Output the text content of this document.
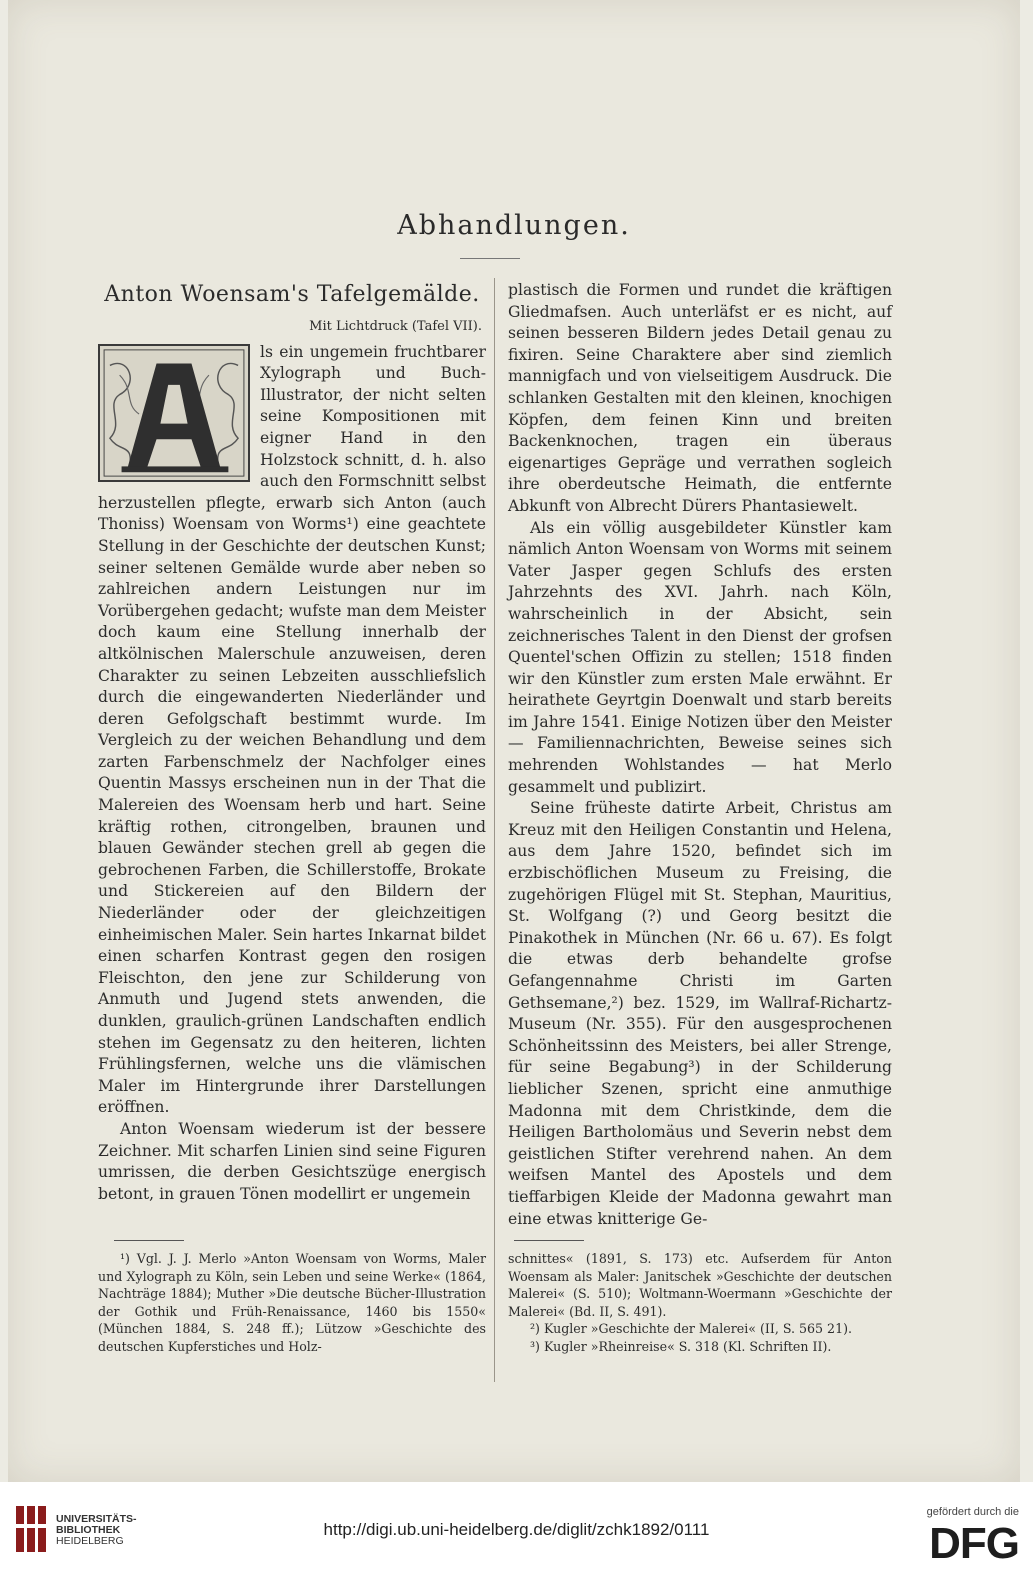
Abhandlungen.
Anton Woensam's Tafelgemälde.
Mit Lichtdruck (Tafel VII).

ls ein ungemein fruchtbarer Xylograph und Buch-Illustrator, der nicht selten seine Kompositionen mit eigner Hand in den Holzstock schnitt, d. h. also auch den Formschnitt selbst herzustellen pflegte, erwarb sich Anton (auch Thoniss) Woensam von Worms¹) eine geachtete Stellung in der Geschichte der deutschen Kunst; seiner seltenen Gemälde wurde aber neben so zahlreichen andern Leistungen nur im Vorübergehen gedacht; wufste man dem Meister doch kaum eine Stellung innerhalb der altkölnischen Malerschule anzuweisen, deren Charakter zu seinen Lebzeiten ausschliefslich durch die eingewanderten Niederländer und deren Gefolgschaft bestimmt wurde. Im Vergleich zu der weichen Behandlung und dem zarten Farbenschmelz der Nachfolger eines Quentin Massys erscheinen nun in der That die Malereien des Woensam herb und hart. Seine kräftig rothen, citrongelben, braunen und blauen Gewänder stechen grell ab gegen die gebrochenen Farben, die Schillerstoffe, Brokate und Stickereien auf den Bildern der Niederländer oder der gleichzeitigen einheimischen Maler. Sein hartes Inkarnat bildet einen scharfen Kontrast gegen den rosigen Fleischton, den jene zur Schilderung von Anmuth und Jugend stets anwenden, die dunklen, graulich-grünen Landschaften endlich stehen im Gegensatz zu den heiteren, lichten Frühlingsfernen, welche uns die vlämischen Maler im Hintergrunde ihrer Darstellungen eröffnen.

Anton Woensam wiederum ist der bessere Zeichner. Mit scharfen Linien sind seine Figuren umrissen, die derben Gesichtszüge energisch betont, in grauen Tönen modellirt er ungemein

plastisch die Formen und rundet die kräftigen Gliedmafsen. Auch unterläfst er es nicht, auf seinen besseren Bildern jedes Detail genau zu fixiren. Seine Charaktere aber sind ziemlich mannigfach und von vielseitigem Ausdruck. Die schlanken Gestalten mit den kleinen, knochigen Köpfen, dem feinen Kinn und breiten Backenknochen, tragen ein überaus eigenartiges Gepräge und verrathen sogleich ihre oberdeutsche Heimath, die entfernte Abkunft von Albrecht Dürers Phantasiewelt.

Als ein völlig ausgebildeter Künstler kam nämlich Anton Woensam von Worms mit seinem Vater Jasper gegen Schlufs des ersten Jahrzehnts des XVI. Jahrh. nach Köln, wahrscheinlich in der Absicht, sein zeichnerisches Talent in den Dienst der grofsen Quentel'schen Offizin zu stellen; 1518 finden wir den Künstler zum ersten Male erwähnt. Er heirathete Geyrtgin Doenwalt und starb bereits im Jahre 1541. Einige Notizen über den Meister — Familiennachrichten, Beweise seines sich mehrenden Wohlstandes — hat Merlo gesammelt und publizirt.

Seine früheste datirte Arbeit, Christus am Kreuz mit den Heiligen Constantin und Helena, aus dem Jahre 1520, befindet sich im erzbischöflichen Museum zu Freising, die zugehörigen Flügel mit St. Stephan, Mauritius, St. Wolfgang (?) und Georg besitzt die Pinakothek in München (Nr. 66 u. 67). Es folgt die etwas derb behandelte grofse Gefangennahme Christi im Garten Gethsemane,²) bez. 1529, im Wallraf-Richartz-Museum (Nr. 355). Für den ausgesprochenen Schönheitssinn des Meisters, bei aller Strenge, für seine Begabung³) in der Schilderung lieblicher Szenen, spricht eine anmuthige Madonna mit dem Christkinde, dem die Heiligen Bartholomäus und Severin nebst dem geistlichen Stifter verehrend nahen. An dem weifsen Mantel des Apostels und dem tieffarbigen Kleide der Madonna gewahrt man eine etwas knitterige Ge-

¹) Vgl. J. J. Merlo »Anton Woensam von Worms, Maler und Xylograph zu Köln, sein Leben und seine Werke« (1864, Nachträge 1884); Muther »Die deutsche Bücher-Illustration der Gothik und Früh-Renaissance, 1460 bis 1550« (München 1884, S. 248 ff.); Lützow »Geschichte des deutschen Kupferstiches und Holz-

schnittes« (1891, S. 173) etc. Aufserdem für Anton Woensam als Maler: Janitschek »Geschichte der deutschen Malerei« (S. 510); Woltmann-Woermann »Geschichte der Malerei« (Bd. II, S. 491).

²) Kugler »Geschichte der Malerei« (II, S. 565 21).

³) Kugler »Rheinreise« S. 318 (Kl. Schriften II).

UNIVERSITÄTS-
BIBLIOTHEK
HEIDELBERG
http://digi.ub.uni-heidelberg.de/diglit/zchk1892/0111
gefördert durch die
DFG
